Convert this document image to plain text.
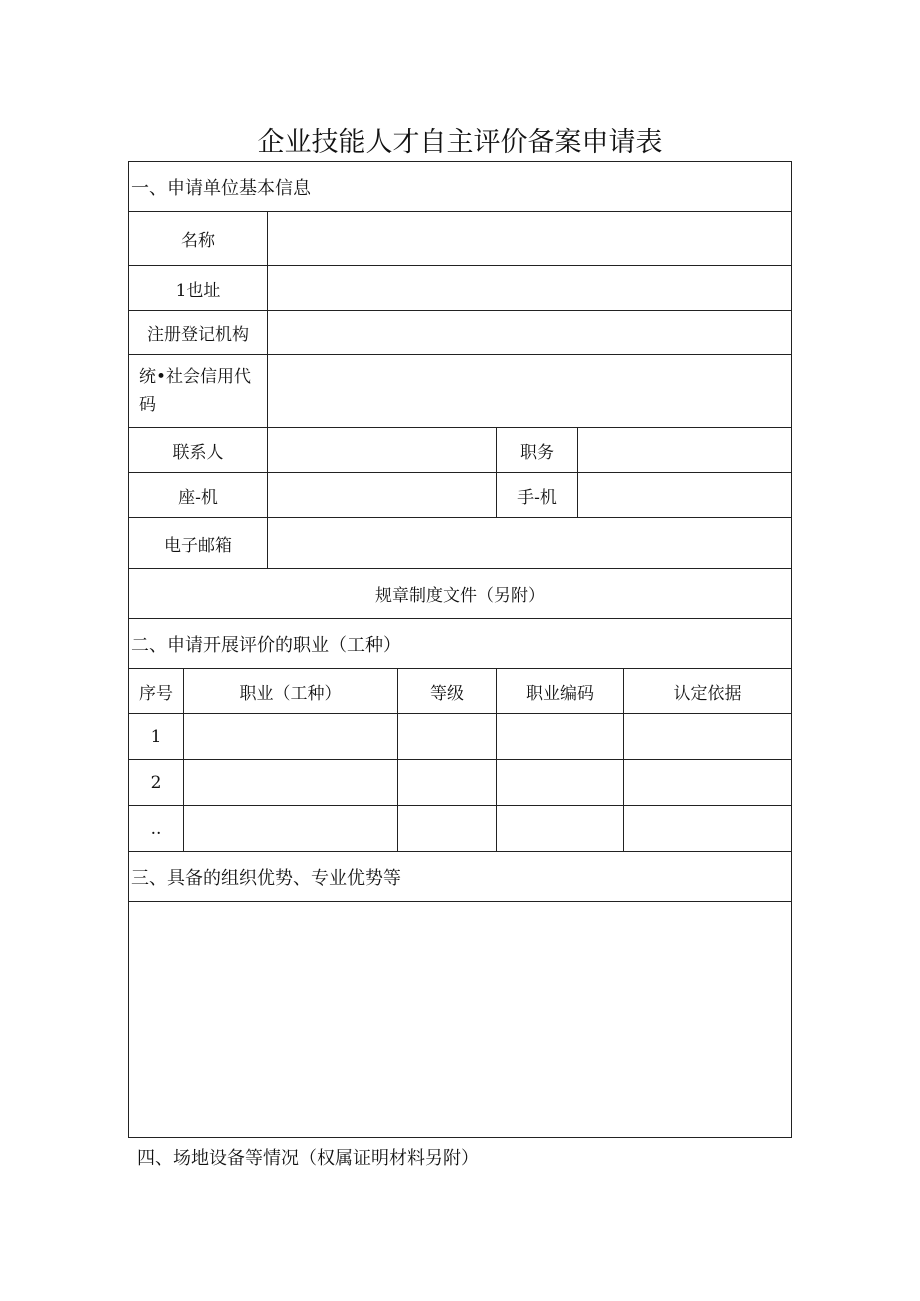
企业技能人才自主评价备案申请表
一、申请单位基本信息						
名称						
1也址						
注册登记机构						
统•社会信用代码						
联系人				职务		
座-机				手-机		
电子邮箱						
规章制度文件（另附）						
二、申请开展评价的职业（工种）						
序号	职业（工种）		等级	职业编码		认定依据
1						
2						
..						
三、具备的组织优势、专业优势等						

四、场地设备等情况（权属证明材料另附）
